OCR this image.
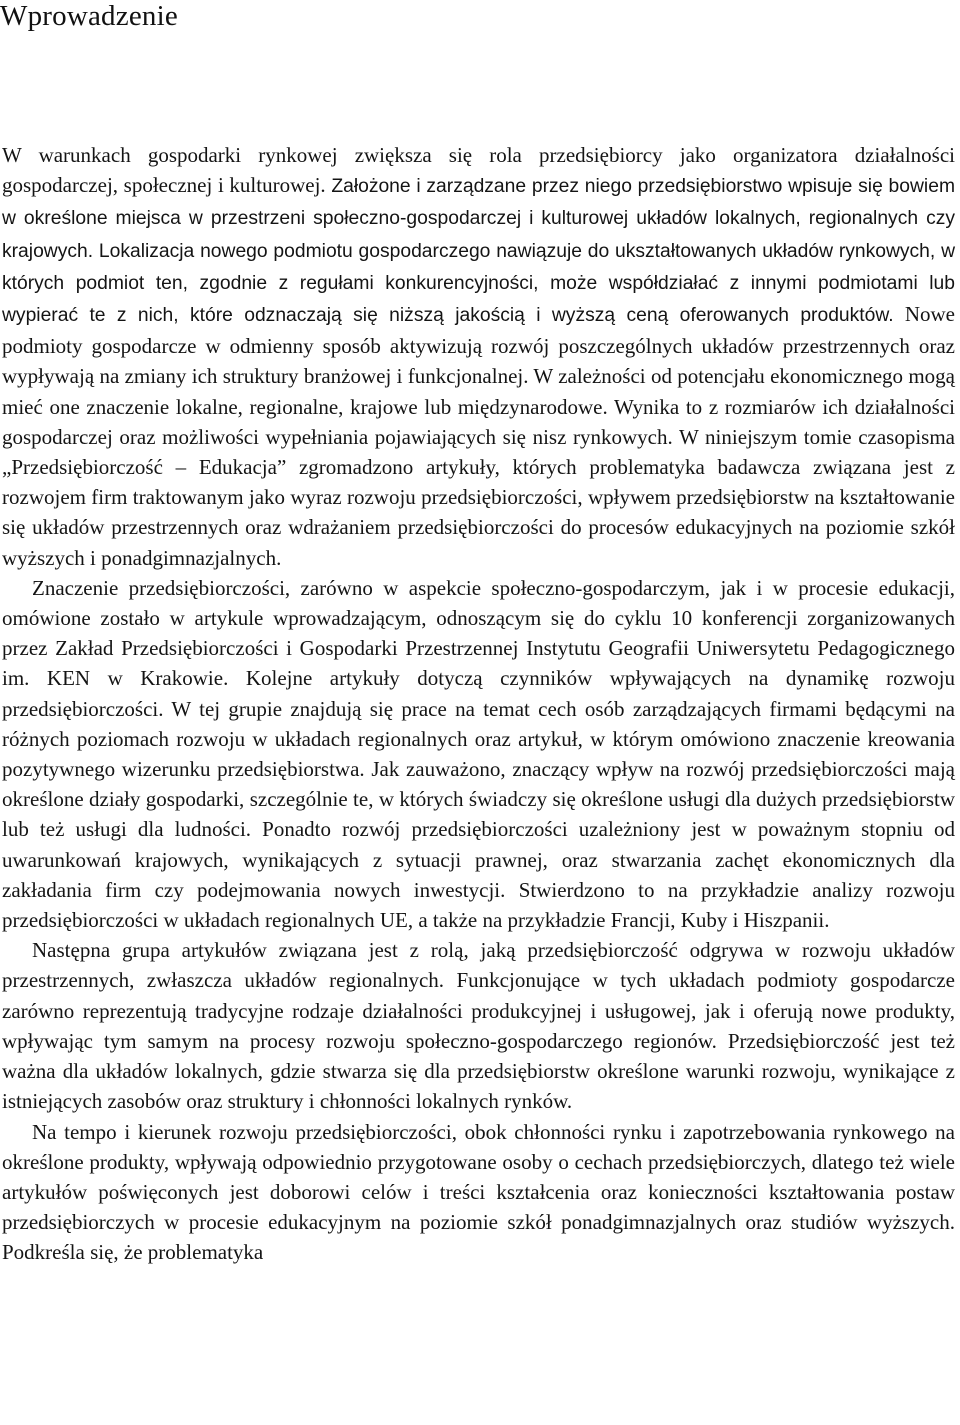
Wprowadzenie

W warunkach gospodarki rynkowej zwiększa się rola przedsiębiorcy jako organizatora działalności gospodarczej, społecznej i kulturowej. Założone i zarządzane przez niego przedsiębiorstwo wpisuje się bowiem w określone miejsca w przestrzeni społeczno-gospodarczej i kulturowej układów lokalnych, regionalnych czy krajowych. Lokalizacja nowego podmiotu gospodarczego nawiązuje do ukształtowanych układów rynkowych, w których podmiot ten, zgodnie z regułami konkurencyjności, może współdziałać z innymi podmiotami lub wypierać te z nich, które odznaczają się niższą jakością i wyższą ceną oferowanych produktów. Nowe podmioty gospodarcze w odmienny sposób aktywizują rozwój poszczególnych układów przestrzennych oraz wypływają na zmiany ich struktury branżowej i funkcjonalnej. W zależności od potencjału ekonomicznego mogą mieć one znaczenie lokalne, regionalne, krajowe lub międzynarodowe. Wynika to z rozmiarów ich działalności gospodarczej oraz możliwości wypełniania pojawiających się nisz rynkowych. W niniejszym tomie czasopisma „Przedsiębiorczość – Edukacja” zgromadzono artykuły, których problematyka badawcza związana jest z rozwojem firm traktowanym jako wyraz rozwoju przedsiębiorczości, wpływem przedsiębiorstw na kształtowanie się układów przestrzennych oraz wdrażaniem przedsiębiorczości do procesów edukacyjnych na poziomie szkół wyższych i ponadgimnazjalnych.

Znaczenie przedsiębiorczości, zarówno w aspekcie społeczno-gospodarczym, jak i w procesie edukacji, omówione zostało w artykule wprowadzającym, odnoszącym się do cyklu 10 konferencji zorganizowanych przez Zakład Przedsiębiorczości i Gospodarki Przestrzennej Instytutu Geografii Uniwersytetu Pedagogicznego im. KEN w Krakowie. Kolejne artykuły dotyczą czynników wpływających na dynamikę rozwoju przedsiębiorczości. W tej grupie znajdują się prace na temat cech osób zarządzających firmami będącymi na różnych poziomach rozwoju w układach regionalnych oraz artykuł, w którym omówiono znaczenie kreowania pozytywnego wizerunku przedsiębiorstwa. Jak zauważono, znaczący wpływ na rozwój przedsiębiorczości mają określone działy gospodarki, szczególnie te, w których świadczy się określone usługi dla dużych przedsiębiorstw lub też usługi dla ludności. Ponadto rozwój przedsiębiorczości uzależniony jest w poważnym stopniu od uwarunkowań krajowych, wynikających z sytuacji prawnej, oraz stwarzania zachęt ekonomicznych dla zakładania firm czy podejmowania nowych inwestycji. Stwierdzono to na przykładzie analizy rozwoju przedsiębiorczości w układach regionalnych UE, a także na przykładzie Francji, Kuby i Hiszpanii.

Następna grupa artykułów związana jest z rolą, jaką przedsiębiorczość odgrywa w rozwoju układów przestrzennych, zwłaszcza układów regionalnych. Funkcjonujące w tych układach podmioty gospodarcze zarówno reprezentują tradycyjne rodzaje działalności produkcyjnej i usługowej, jak i oferują nowe produkty, wpływając tym samym na procesy rozwoju społeczno-gospodarczego regionów. Przedsiębiorczość jest też ważna dla układów lokalnych, gdzie stwarza się dla przedsiębiorstw określone warunki rozwoju, wynikające z istniejących zasobów oraz struktury i chłonności lokalnych rynków.

Na tempo i kierunek rozwoju przedsiębiorczości, obok chłonności rynku i zapotrzebowania rynkowego na określone produkty, wpływają odpowiednio przygotowane osoby o cechach przedsiębiorczych, dlatego też wiele artykułów poświęconych jest doborowi celów i treści kształcenia oraz konieczności kształtowania postaw przedsiębiorczych w procesie edukacyjnym na poziomie szkół ponadgimnazjalnych oraz studiów wyższych. Podkreśla się, że problematyka
